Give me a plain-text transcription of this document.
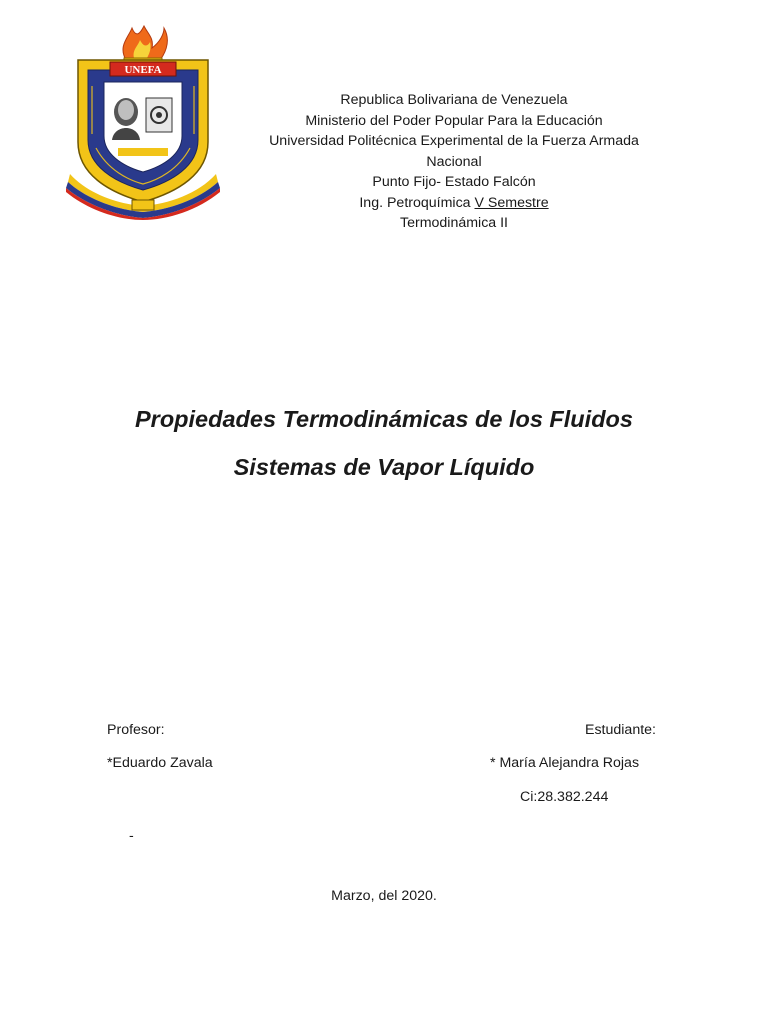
UNEFA
Republica Bolivariana de Venezuela
Ministerio del Poder Popular Para la Educación
Universidad Politécnica Experimental de la Fuerza Armada
Nacional
Punto Fijo- Estado Falcón
Ing. Petroquímica V Semestre
Termodinámica II
Propiedades Termodinámicas de los Fluidos
Sistemas de Vapor Líquido
Profesor:
*Eduardo Zavala
Estudiante:
* María Alejandra Rojas
Ci:28.382.244
-
Marzo, del 2020.
